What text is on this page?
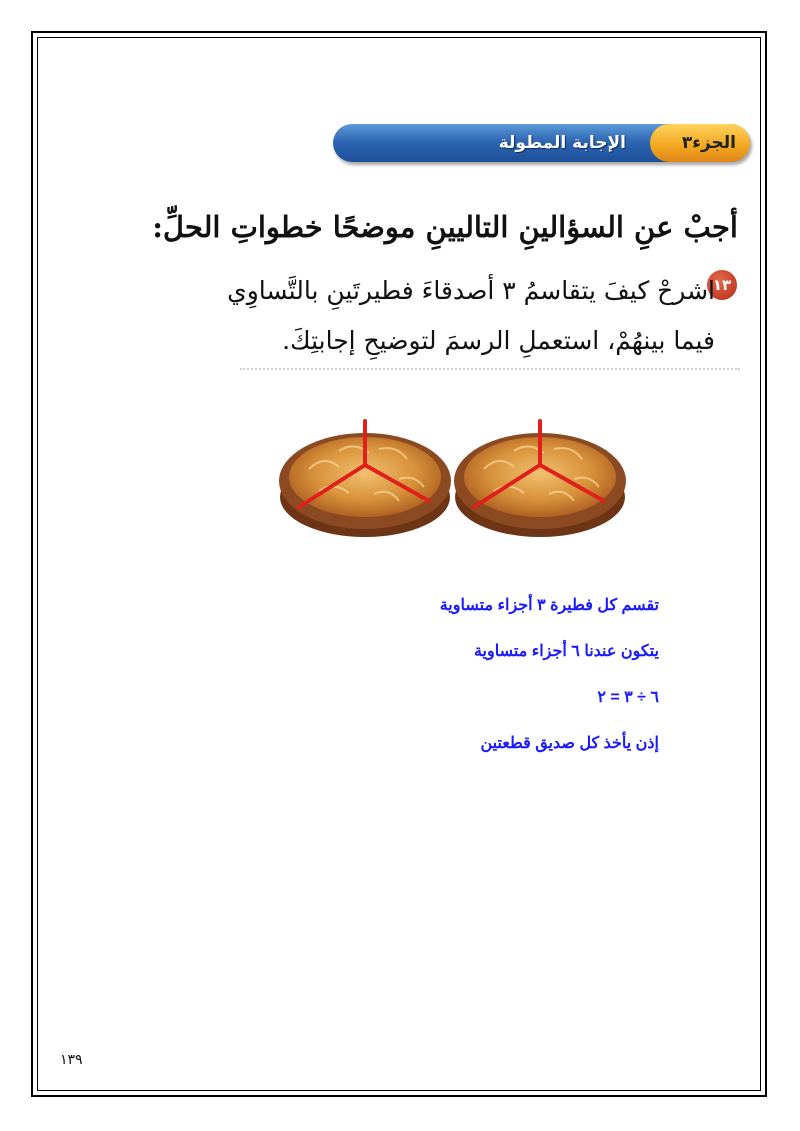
الجزء٣
الإجابة المطولة
أجبْ عنِ السؤالينِ التاليينِ موضحًا خطواتِ الحلِّ:
١٣
اشرحْ كيفَ يتقاسمُ ٣ أصدقاءَ فطيرتَينِ بالتَّساوِي
فيما بينهُمْ، استعملِ الرسمَ لتوضيحِ إجابتِكَ.
تقسم كل فطيرة ٣ أجزاء متساوية
يتكون عندنا ٦ أجزاء متساوية
٦ ÷ ٣ = ٢
إذن يأخذ كل صديق قطعتين
١٣٩
